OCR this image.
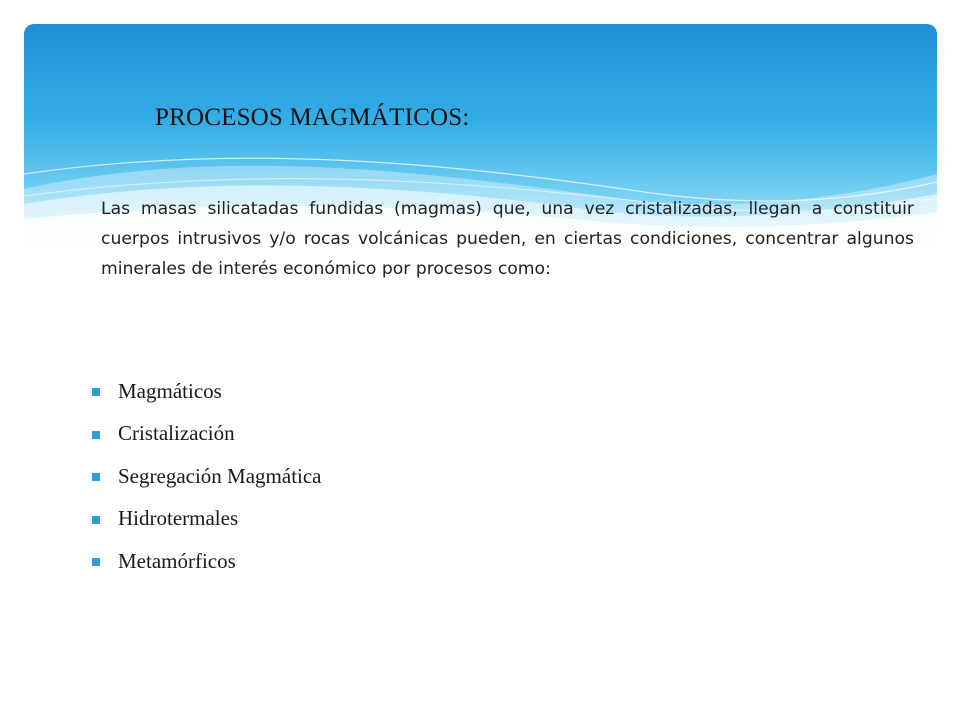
PROCESOS MAGMÁTICOS:

Las masas silicatadas fundidas (magmas) que, una vez cristalizadas, llegan a constituir cuerpos intrusivos y/o rocas volcánicas pueden, en ciertas condiciones, concentrar algunos minerales de interés económico por procesos como:

Magmáticos
Cristalización
Segregación Magmática
Hidrotermales
Metamórficos
